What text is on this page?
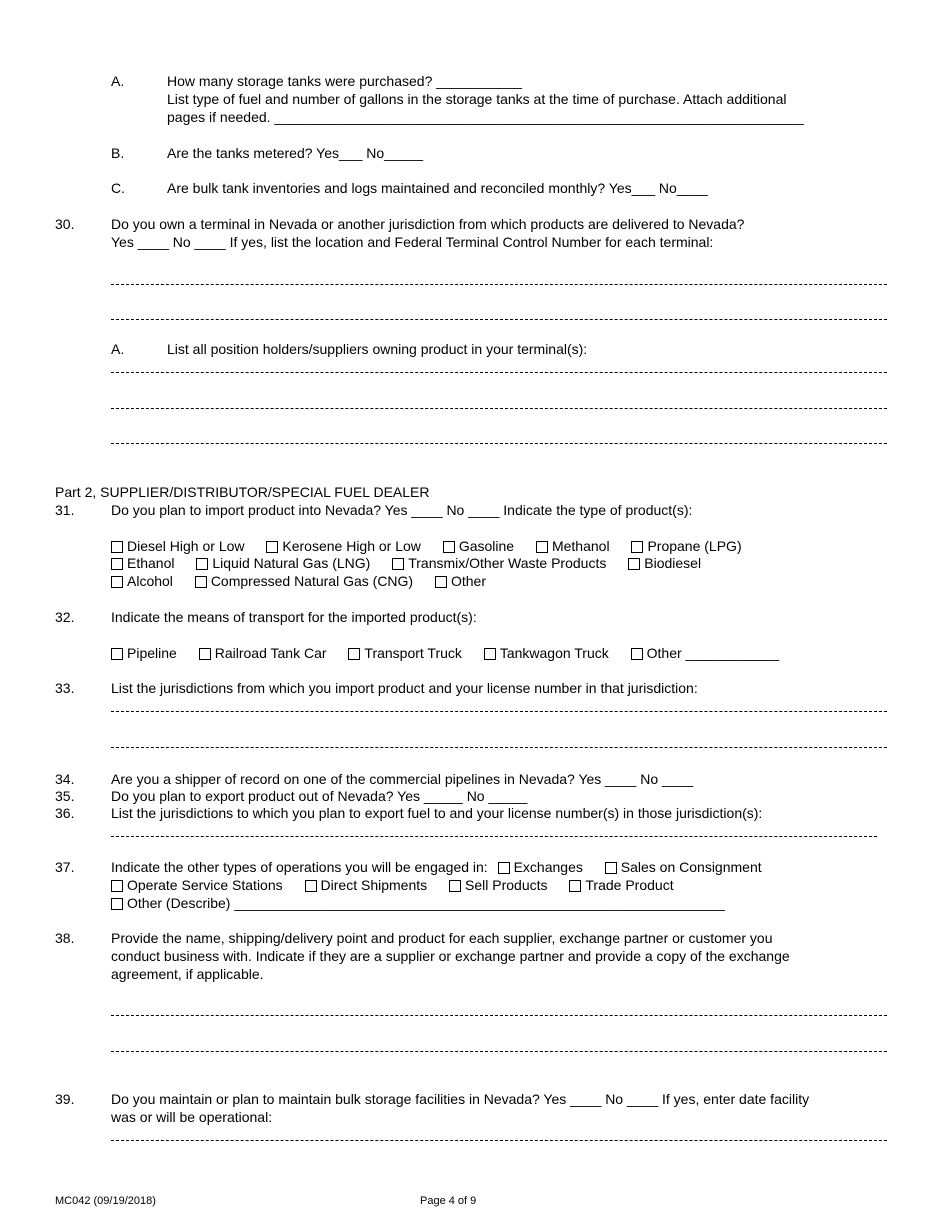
A.	How many storage tanks were purchased? ___________
List type of fuel and number of gallons in the storage tanks at the time of purchase. Attach additional
pages if needed. ____________________________________________________________________
B.	Are the tanks metered? Yes___ No_____
C.	Are bulk tank inventories and logs maintained and reconciled monthly? Yes___ No____
30.	Do you own a terminal in Nevada or another jurisdiction from which products are delivered to Nevada?
Yes ____ No ____ If yes, list the location and Federal Terminal Control Number for each terminal:
A.	List all position holders/suppliers owning product in your terminal(s):
Part 2, SUPPLIER/DISTRIBUTOR/SPECIAL FUEL DEALER
31.	Do you plan to import product into Nevada? Yes ____ No ____ Indicate the type of product(s):
Diesel High or Low	Kerosene High or Low	Gasoline	Methanol	Propane (LPG)
Ethanol	Liquid Natural Gas (LNG)	Transmix/Other Waste Products	Biodiesel
Alcohol	Compressed Natural Gas (CNG)	Other
32.	Indicate the means of transport for the imported product(s):
Pipeline	Railroad Tank Car	Transport Truck	Tankwagon Truck	Other ____________
33.	List the jurisdictions from which you import product and your license number in that jurisdiction:
34.	Are you a shipper of record on one of the commercial pipelines in Nevada? Yes ____ No ____
35.	Do you plan to export product out of Nevada? Yes _____ No _____
36.	List the jurisdictions to which you plan to export fuel to and your license number(s) in those jurisdiction(s):
37.	Indicate the other types of operations you will be engaged in: Exchanges	Sales on Consignment
Operate Service Stations	Direct Shipments	Sell Products	Trade Product
Other (Describe) _______________________________________________________________
38.	Provide the name, shipping/delivery point and product for each supplier, exchange partner or customer you
conduct business with. Indicate if they are a supplier or exchange partner and provide a copy of the exchange
agreement, if applicable.
39.	Do you maintain or plan to maintain bulk storage facilities in Nevada? Yes ____ No ____ If yes, enter date facility
was or will be operational:
MC042 (09/19/2018)	Page 4 of 9
